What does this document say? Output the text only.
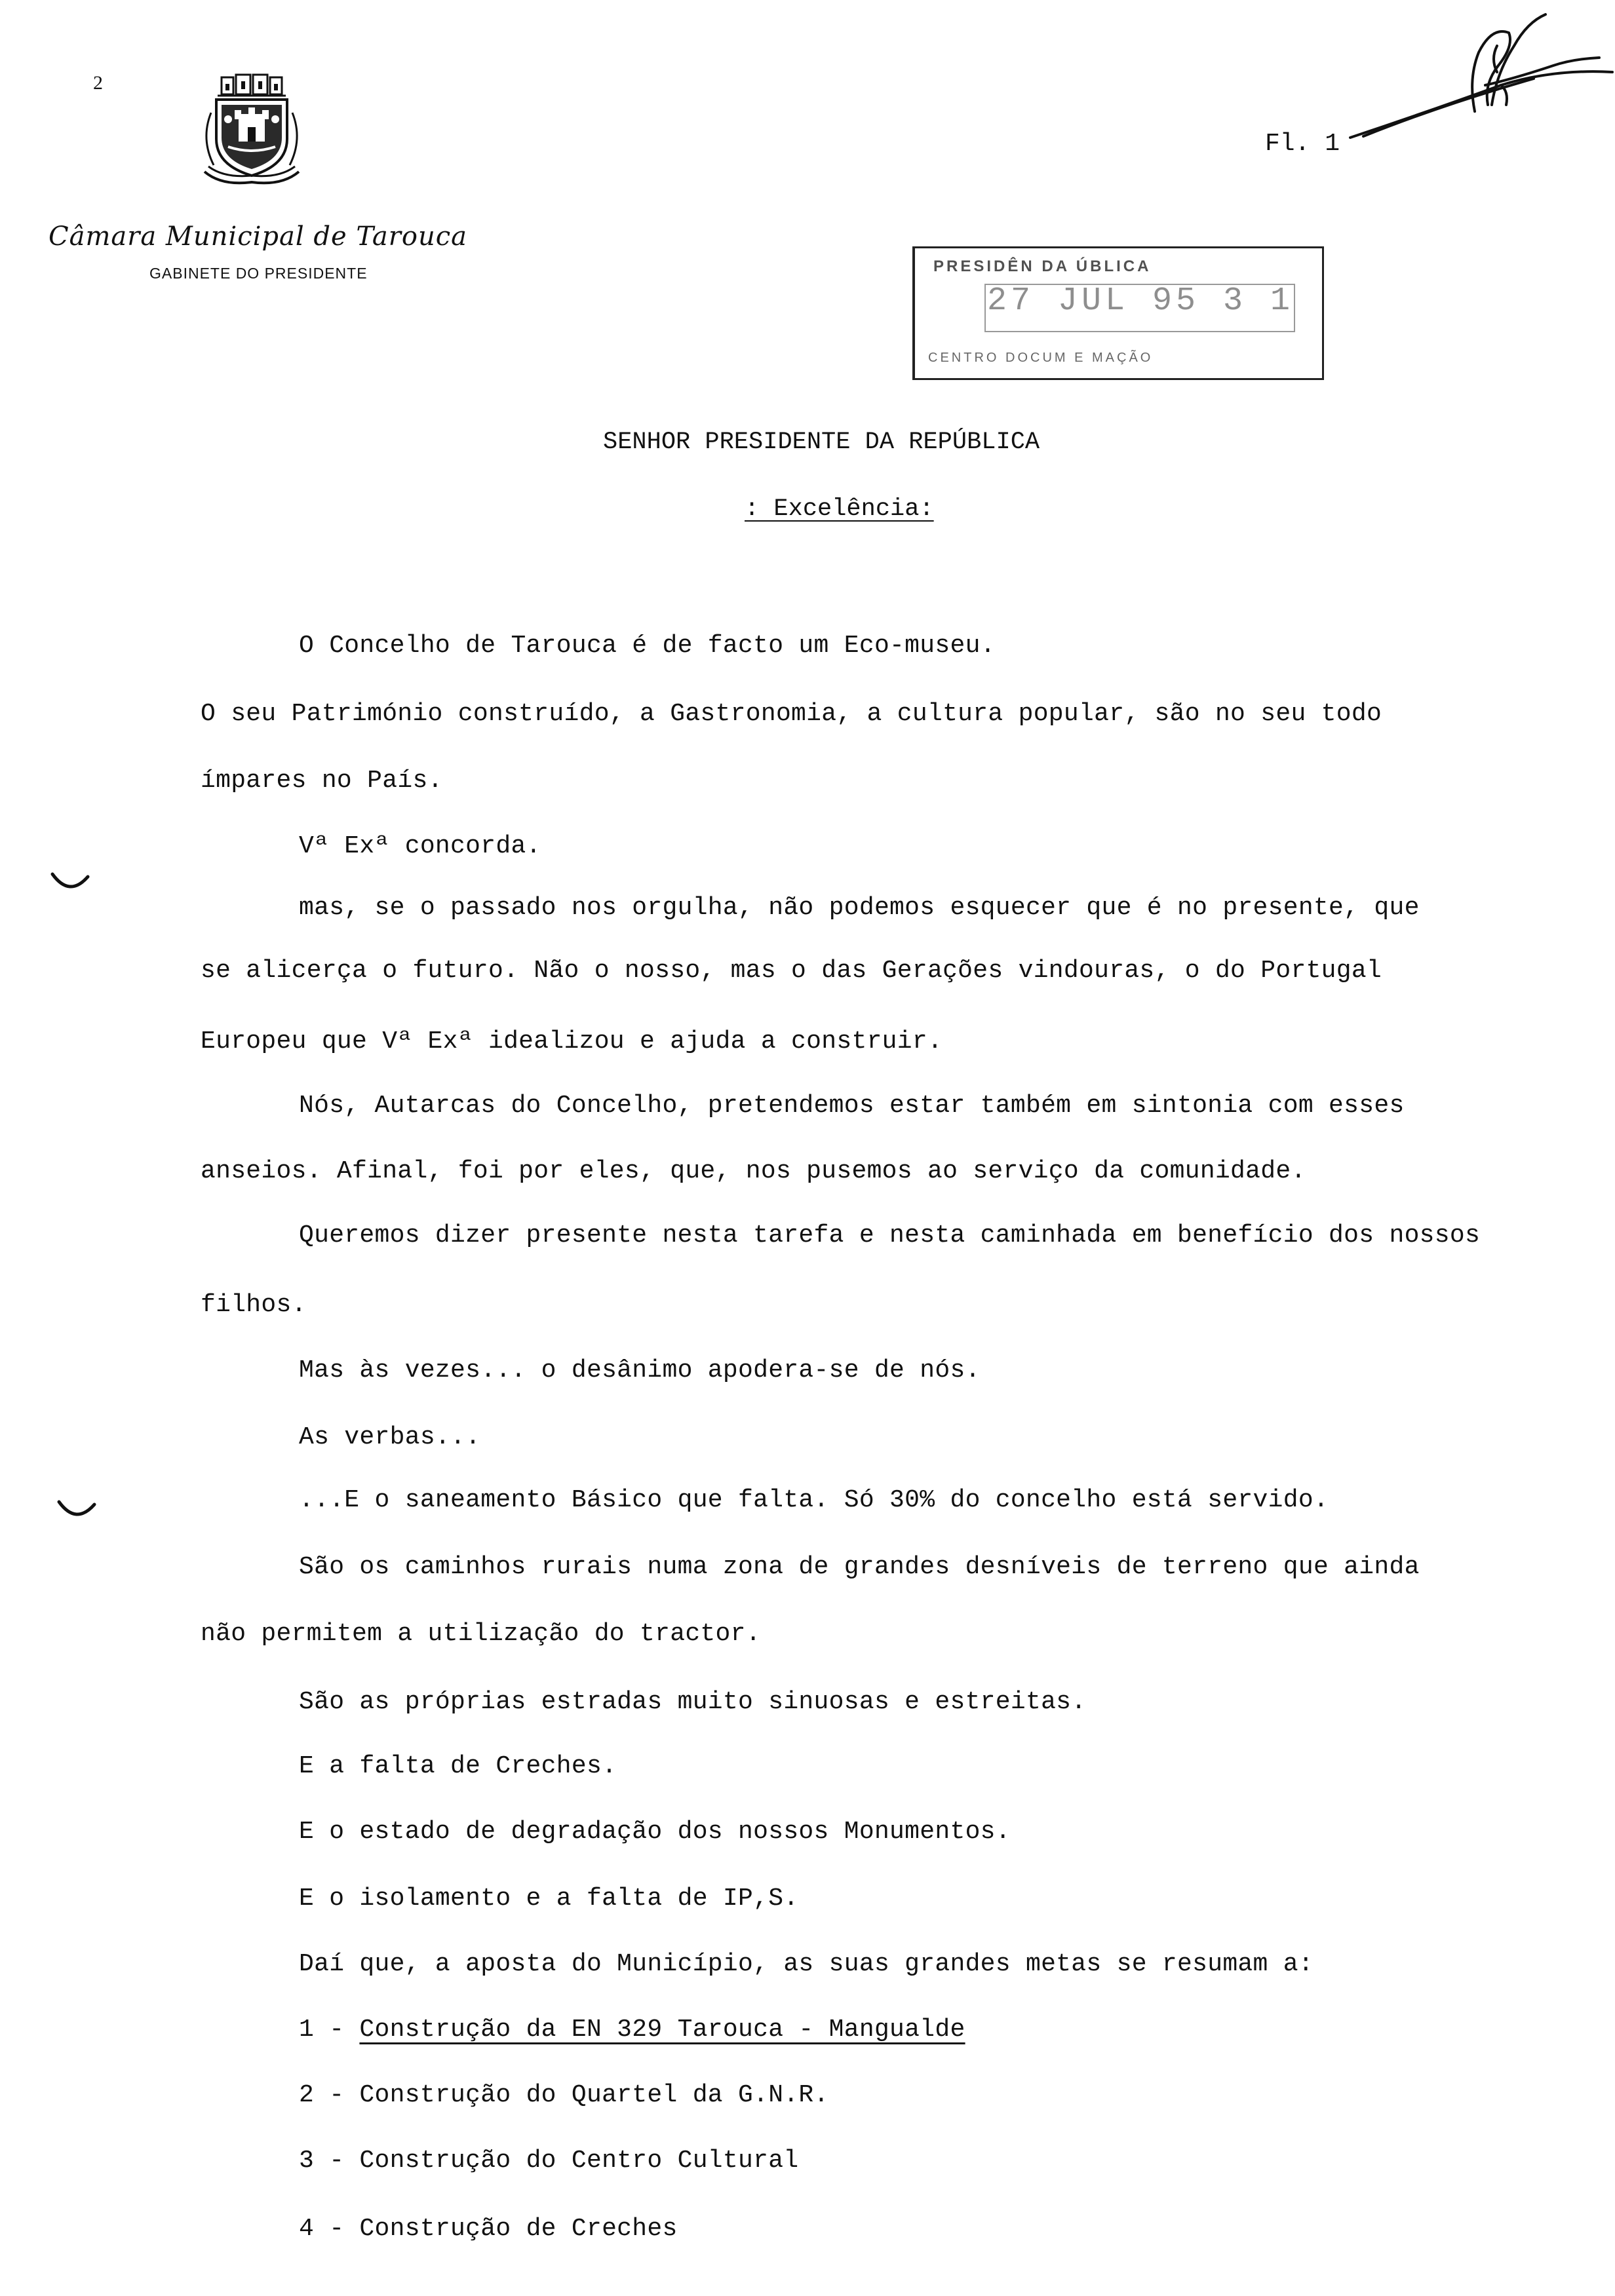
2
Câmara Municipal de Tarouca
GABINETE DO PRESIDENTE
Fl. 1
PRESIDÊN DA ÚBLICA
27 JUL 95 3 1
CENTRO DOCUM E MAÇÃO
SENHOR PRESIDENTE DA REPÚBLICA
: Excelência:
O Concelho de Tarouca é de facto um Eco-museu.
O seu Património construído, a Gastronomia, a cultura popular, são no seu todo
ímpares no País.
Vª Exª concorda.
mas, se o passado nos orgulha, não podemos esquecer que é no presente, que
se alicerça o futuro. Não o nosso, mas o das Gerações vindouras, o do Portugal
Europeu que Vª Exª idealizou e ajuda a construir.
Nós, Autarcas do Concelho, pretendemos estar também em sintonia com esses
anseios. Afinal, foi por eles, que, nos pusemos ao serviço da comunidade.
Queremos dizer presente nesta tarefa e nesta caminhada em benefício dos nossos
filhos.
Mas às vezes... o desânimo apodera-se de nós.
As verbas...
...E o saneamento Básico que falta. Só 30% do concelho está servido.
São os caminhos rurais numa zona de grandes desníveis de terreno que ainda
não permitem a utilização do tractor.
São as próprias estradas muito sinuosas e estreitas.
E a falta de Creches.
E o estado de degradação dos nossos Monumentos.
E o isolamento e a falta de IP,S.
Daí que, a aposta do Município, as suas grandes metas se resumam a:
1 - Construção da EN 329 Tarouca - Mangualde
2 - Construção do Quartel da G.N.R.
3 - Construção do Centro Cultural
4 - Construção de Creches
